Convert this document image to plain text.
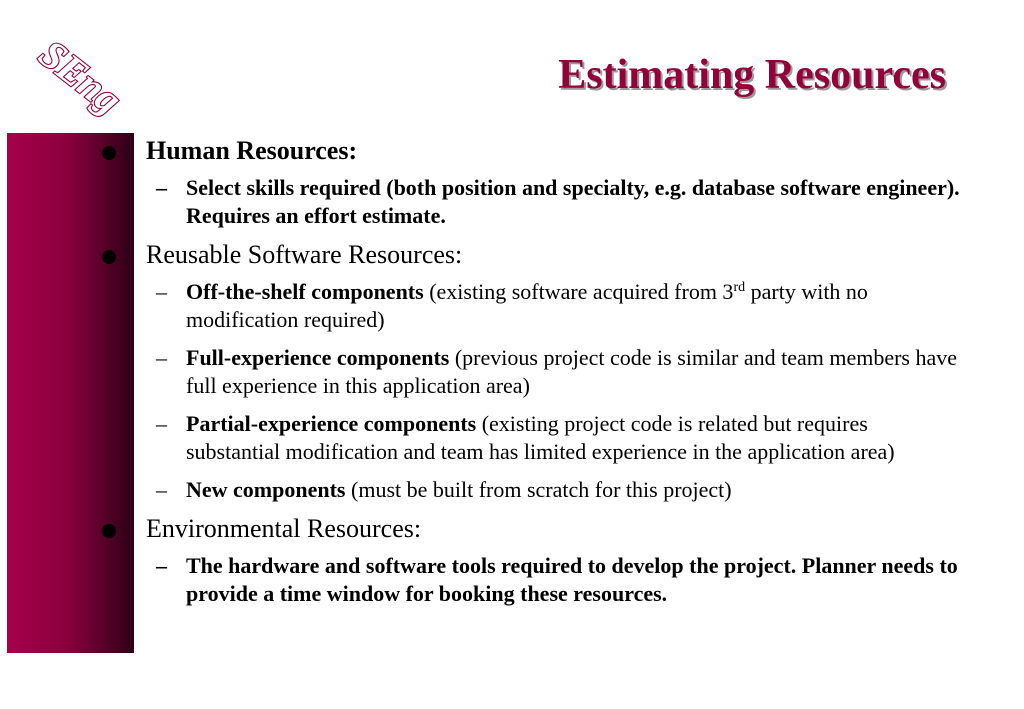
SEng	Estimating Resources
Human Resources:
– Select skills required (both position and specialty, e.g. database software engineer). Requires an effort estimate.
Reusable Software Resources:
– Off-the-shelf components (existing software acquired from 3rd party with no modification required)
– Full-experience components (previous project code is similar and team members have full experience in this application area)
– Partial-experience components (existing project code is related but requires substantial modification and team has limited experience in the application area)
– New components (must be built from scratch for this project)
Environmental Resources:
– The hardware and software tools required to develop the project. Planner needs to provide a time window for booking these resources.
